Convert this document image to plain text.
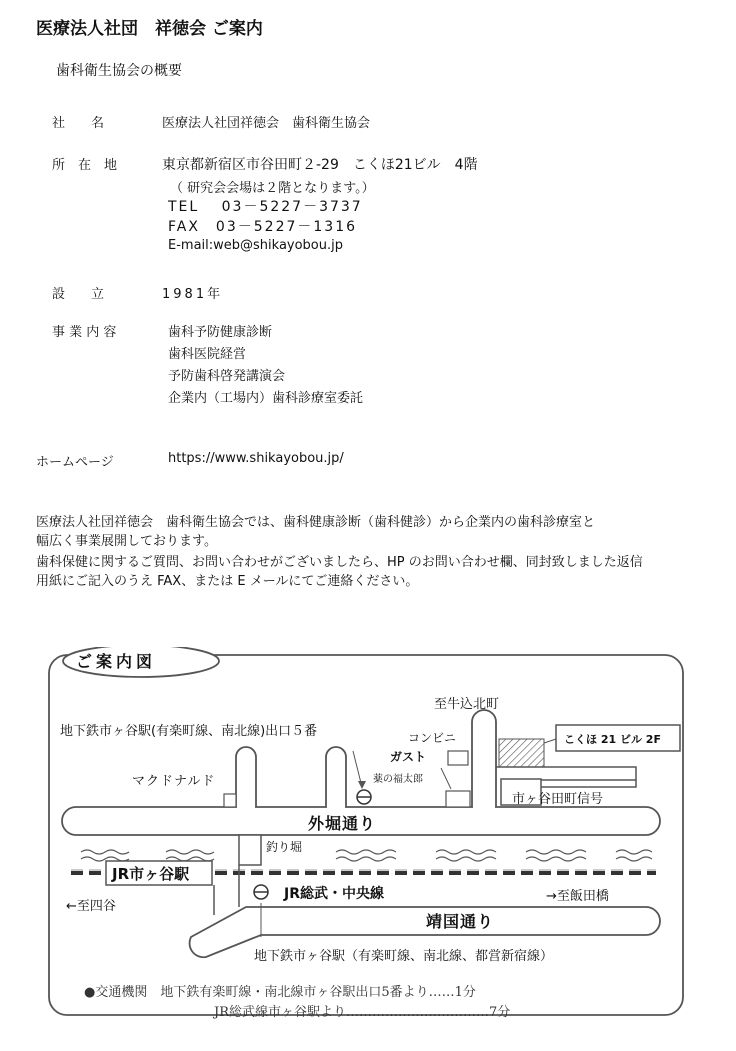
医療法人社団　祥徳会 ご案内
歯科衛生協会の概要
社　　名	医療法人社団祥徳会　歯科衛生協会
所　在　地	東京都新宿区市谷田町２-29　こくほ21ビル　4階
（ 研究会会場は２階となります。）
TEL　 03－5227－3737
FAX　03－5227－1316
E-mail:web@shikayobou.jp
設　　立	1981年
事 業 内 容	歯科予防健康診断
歯科医院経営
予防歯科啓発講演会
企業内（工場内）歯科診療室委託
ホームページ	https://www.shikayobou.jp/
医療法人社団祥徳会　歯科衛生協会では、歯科健康診断（歯科健診）から企業内の歯科診療室と
幅広く事業展開しております。
歯科保健に関するご質問、お問い合わせがございましたら、HP のお問い合わせ欄、同封致しました返信
用紙にご記入のうえ FAX、または E メールにてご連絡ください。
ご案内図
至牛込北町
地下鉄市ヶ谷駅(有楽町線、南北線)出口５番	コンビニ
ガスト
こくほ 21 ビル 2F
マクドナルド	薬の福太郎
市ヶ谷田町信号
外堀通り
釣り堀
JR市ヶ谷駅
JR総武・中央線
←至四谷
→至飯田橋
靖国通り
地下鉄市ヶ谷駅（有楽町線、南北線、都営新宿線）
●交通機関　地下鉄有楽町線・南北線市ヶ谷駅出口5番より……1分
JR総武線市ヶ谷駅より……………………………7分
